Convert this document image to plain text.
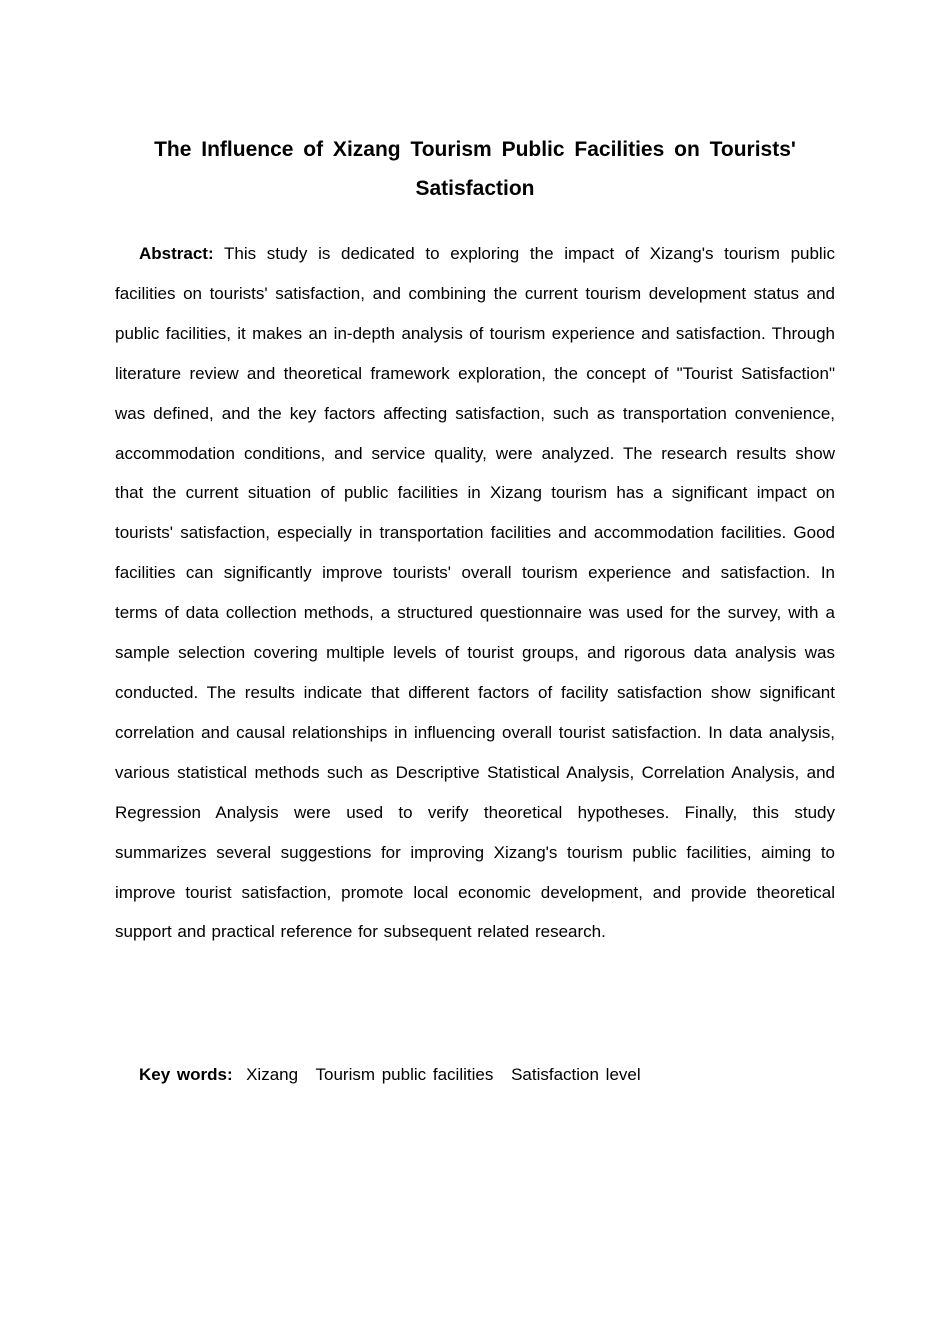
The Influence of Xizang Tourism Public Facilities on Tourists' Satisfaction

Abstract: This study is dedicated to exploring the impact of Xizang's tourism public facilities on tourists' satisfaction, and combining the current tourism development status and public facilities, it makes an in-depth analysis of tourism experience and satisfaction. Through literature review and theoretical framework exploration, the concept of "Tourist Satisfaction" was defined, and the key factors affecting satisfaction, such as transportation convenience, accommodation conditions, and service quality, were analyzed. The research results show that the current situation of public facilities in Xizang tourism has a significant impact on tourists' satisfaction, especially in transportation facilities and accommodation facilities. Good facilities can significantly improve tourists' overall tourism experience and satisfaction. In terms of data collection methods, a structured questionnaire was used for the survey, with a sample selection covering multiple levels of tourist groups, and rigorous data analysis was conducted. The results indicate that different factors of facility satisfaction show significant correlation and causal relationships in influencing overall tourist satisfaction. In data analysis, various statistical methods such as Descriptive Statistical Analysis, Correlation Analysis, and Regression Analysis were used to verify theoretical hypotheses. Finally, this study summarizes several suggestions for improving Xizang's tourism public facilities, aiming to improve tourist satisfaction, promote local economic development, and provide theoretical support and practical reference for subsequent related research.

Key words: Xizang Tourism public facilities Satisfaction level
